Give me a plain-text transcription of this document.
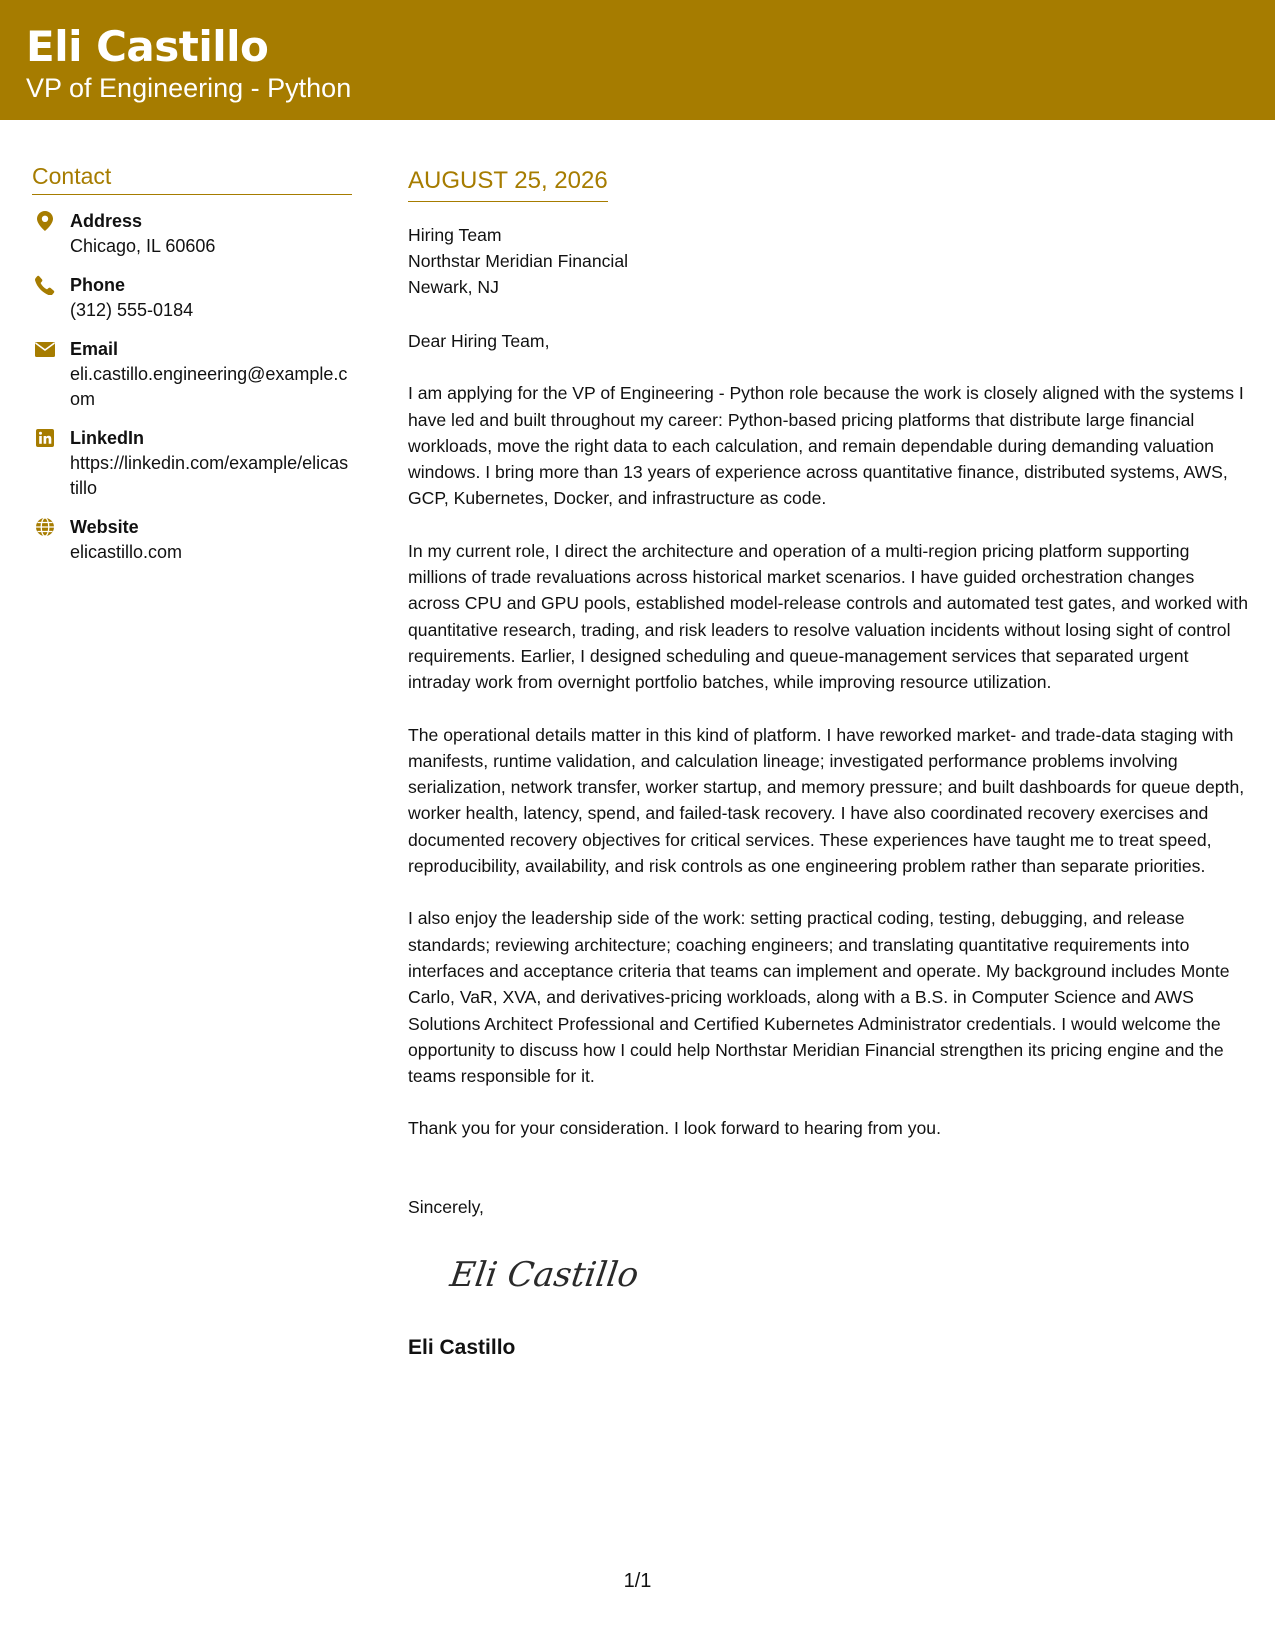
Eli Castillo
VP of Engineering - Python
Contact
Address
Chicago, IL 60606
Phone
(312) 555-0184
Email
eli.castillo.engineering@example.com
LinkedIn
https://linkedin.com/example/elicastillo
Website
elicastillo.com
AUGUST 25, 2026
Hiring Team
Northstar Meridian Financial
Newark, NJ
Dear Hiring Team,

I am applying for the VP of Engineering - Python role because the work is closely aligned with the systems I have led and built throughout my career: Python-based pricing platforms that distribute large financial workloads, move the right data to each calculation, and remain dependable during demanding valuation windows. I bring more than 13 years of experience across quantitative finance, distributed systems, AWS, GCP, Kubernetes, Docker, and infrastructure as code.

In my current role, I direct the architecture and operation of a multi-region pricing platform supporting millions of trade revaluations across historical market scenarios. I have guided orchestration changes across CPU and GPU pools, established model-release controls and automated test gates, and worked with quantitative research, trading, and risk leaders to resolve valuation incidents without losing sight of control requirements. Earlier, I designed scheduling and queue-management services that separated urgent intraday work from overnight portfolio batches, while improving resource utilization.

The operational details matter in this kind of platform. I have reworked market- and trade-data staging with manifests, runtime validation, and calculation lineage; investigated performance problems involving serialization, network transfer, worker startup, and memory pressure; and built dashboards for queue depth, worker health, latency, spend, and failed-task recovery. I have also coordinated recovery exercises and documented recovery objectives for critical services. These experiences have taught me to treat speed, reproducibility, availability, and risk controls as one engineering problem rather than separate priorities.

I also enjoy the leadership side of the work: setting practical coding, testing, debugging, and release standards; reviewing architecture; coaching engineers; and translating quantitative requirements into interfaces and acceptance criteria that teams can implement and operate. My background includes Monte Carlo, VaR, XVA, and derivatives-pricing workloads, along with a B.S. in Computer Science and AWS Solutions Architect Professional and Certified Kubernetes Administrator credentials. I would welcome the opportunity to discuss how I could help Northstar Meridian Financial strengthen its pricing engine and the teams responsible for it.

Thank you for your consideration. I look forward to hearing from you.

Sincerely,
Eli Castillo
Eli Castillo
1/1
